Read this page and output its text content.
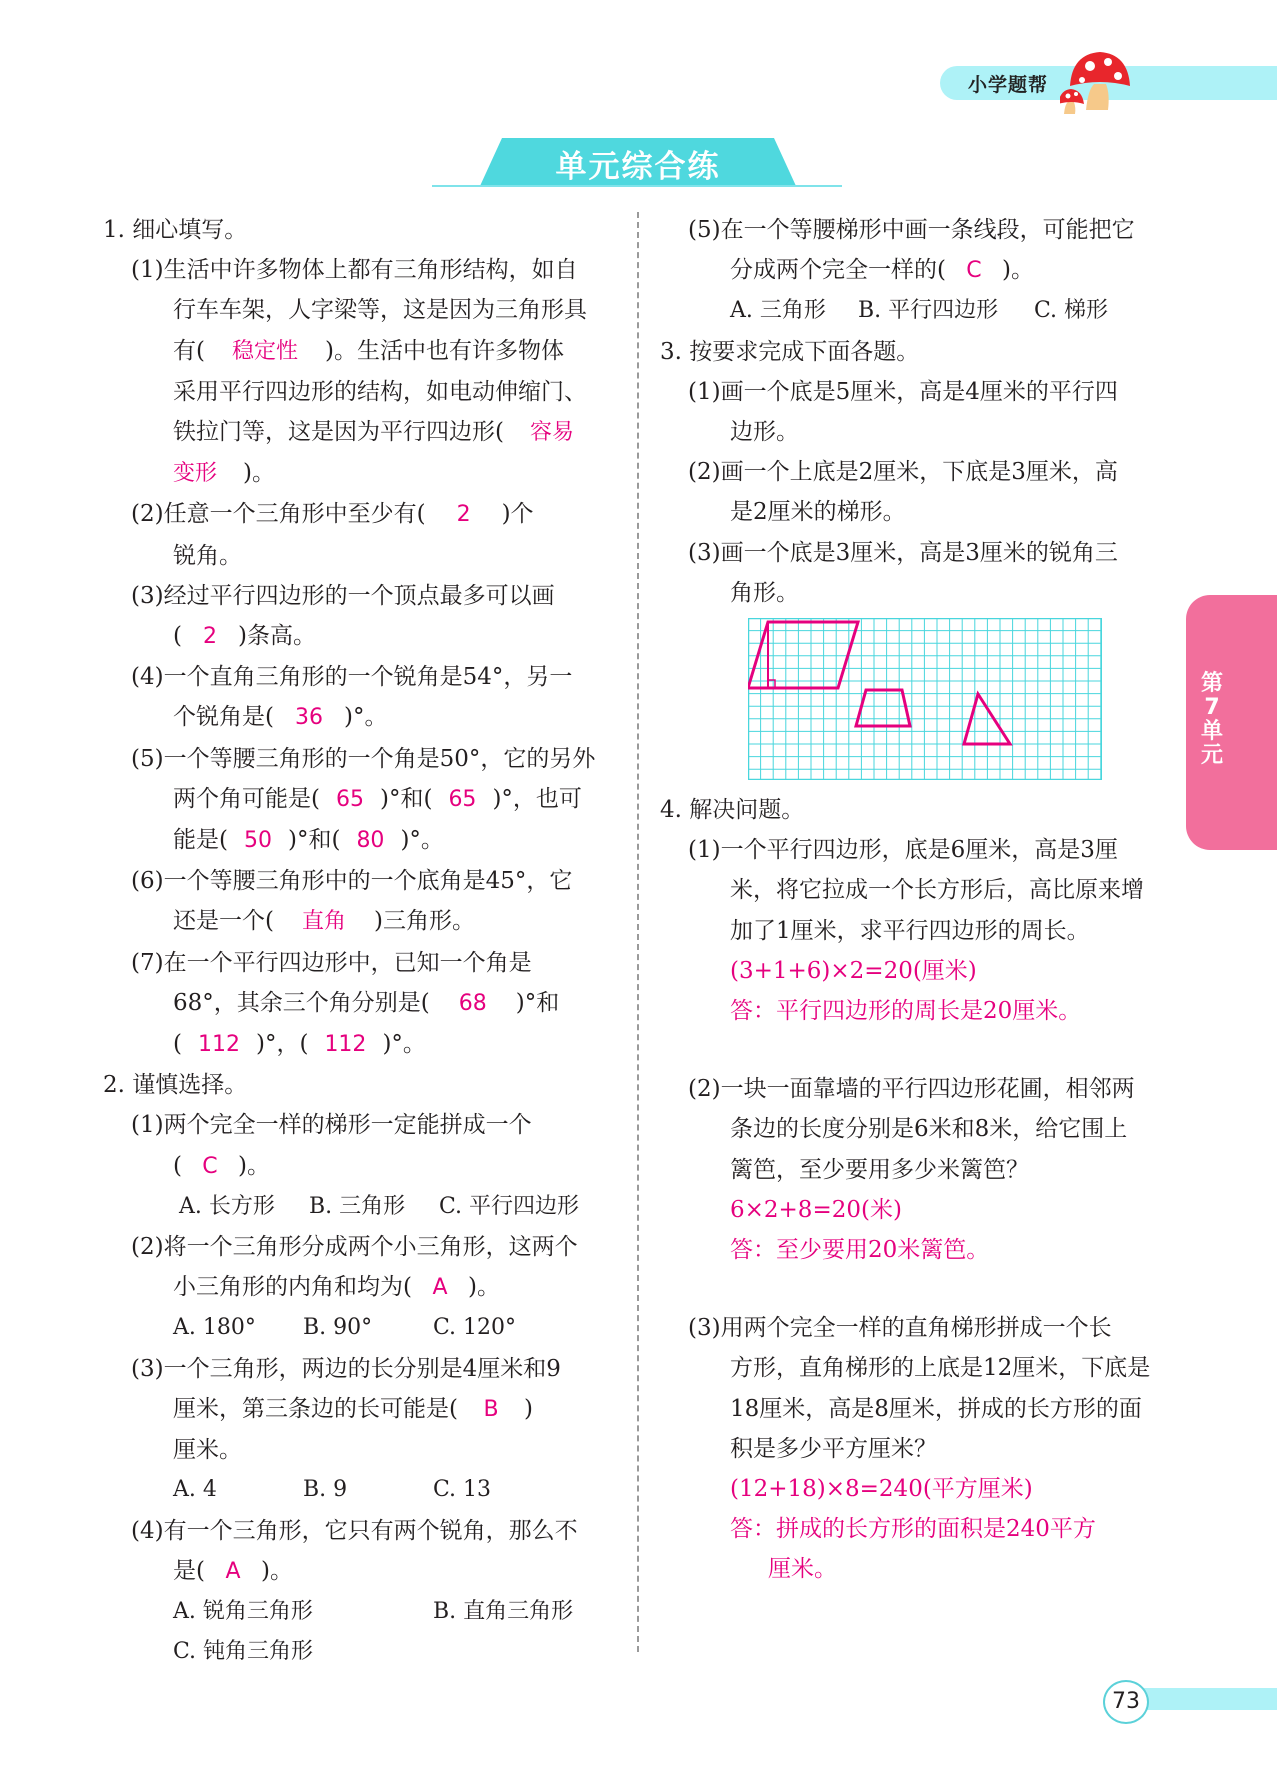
小学题帮
单元综合练
1. 细心填写。
(1)生活中许多物体上都有三角形结构，如自
行车车架，人字梁等，这是因为三角形具
有( 稳定性 )。生活中也有许多物体
采用平行四边形的结构，如电动伸缩门、
铁拉门等，这是因为平行四边形( 容易
变形 )。
(2)任意一个三角形中至少有( 2 )个
锐角。
(3)经过平行四边形的一个顶点最多可以画
( 2 )条高。
(4)一个直角三角形的一个锐角是54°，另一
个锐角是( 36 )°。
(5)一个等腰三角形的一个角是50°，它的另外
两个角可能是( 65 )°和( 65 )°，也可
能是( 50 )°和( 80 )°。
(6)一个等腰三角形中的一个底角是45°，它
还是一个( 直角 )三角形。
(7)在一个平行四边形中，已知一个角是
68°，其余三个角分别是( 68 )°和
( 112 )°，( 112 )°。
2. 谨慎选择。
(1)两个完全一样的梯形一定能拼成一个
( C )。
A. 长方形 B. 三角形 C. 平行四边形
(2)将一个三角形分成两个小三角形，这两个
小三角形的内角和均为( A )。
A. 180° B. 90°	C. 120°
(3)一个三角形，两边的长分别是4厘米和9
厘米，第三条边的长可能是( B )
厘米。
A. 4	B. 9	C. 13
(4)有一个三角形，它只有两个锐角，那么不
是( A )。
A. 锐角三角形	B. 直角三角形
C. 钝角三角形
(5)在一个等腰梯形中画一条线段，可能把它
分成两个完全一样的( C )。
A. 三角形 B. 平行四边形 C. 梯形
3. 按要求完成下面各题。
(1)画一个底是5厘米，高是4厘米的平行四
边形。
(2)画一个上底是2厘米，下底是3厘米，高
是2厘米的梯形。
(3)画一个底是3厘米，高是3厘米的锐角三
角形。
4. 解决问题。
(1)一个平行四边形，底是6厘米，高是3厘
米，将它拉成一个长方形后，高比原来增
加了1厘米，求平行四边形的周长。
(3+1+6)×2=20(厘米)
答：平行四边形的周长是20厘米。
(2)一块一面靠墙的平行四边形花圃，相邻两
条边的长度分别是6米和8米，给它围上
篱笆，至少要用多少米篱笆？
6×2+8=20(米)
答：至少要用20米篱笆。
(3)用两个完全一样的直角梯形拼成一个长
方形，直角梯形的上底是12厘米，下底是
18厘米，高是8厘米，拼成的长方形的面
积是多少平方厘米？
(12+18)×8=240(平方厘米)
答：拼成的长方形的面积是240平方
厘米。
第
7
单
元
73
